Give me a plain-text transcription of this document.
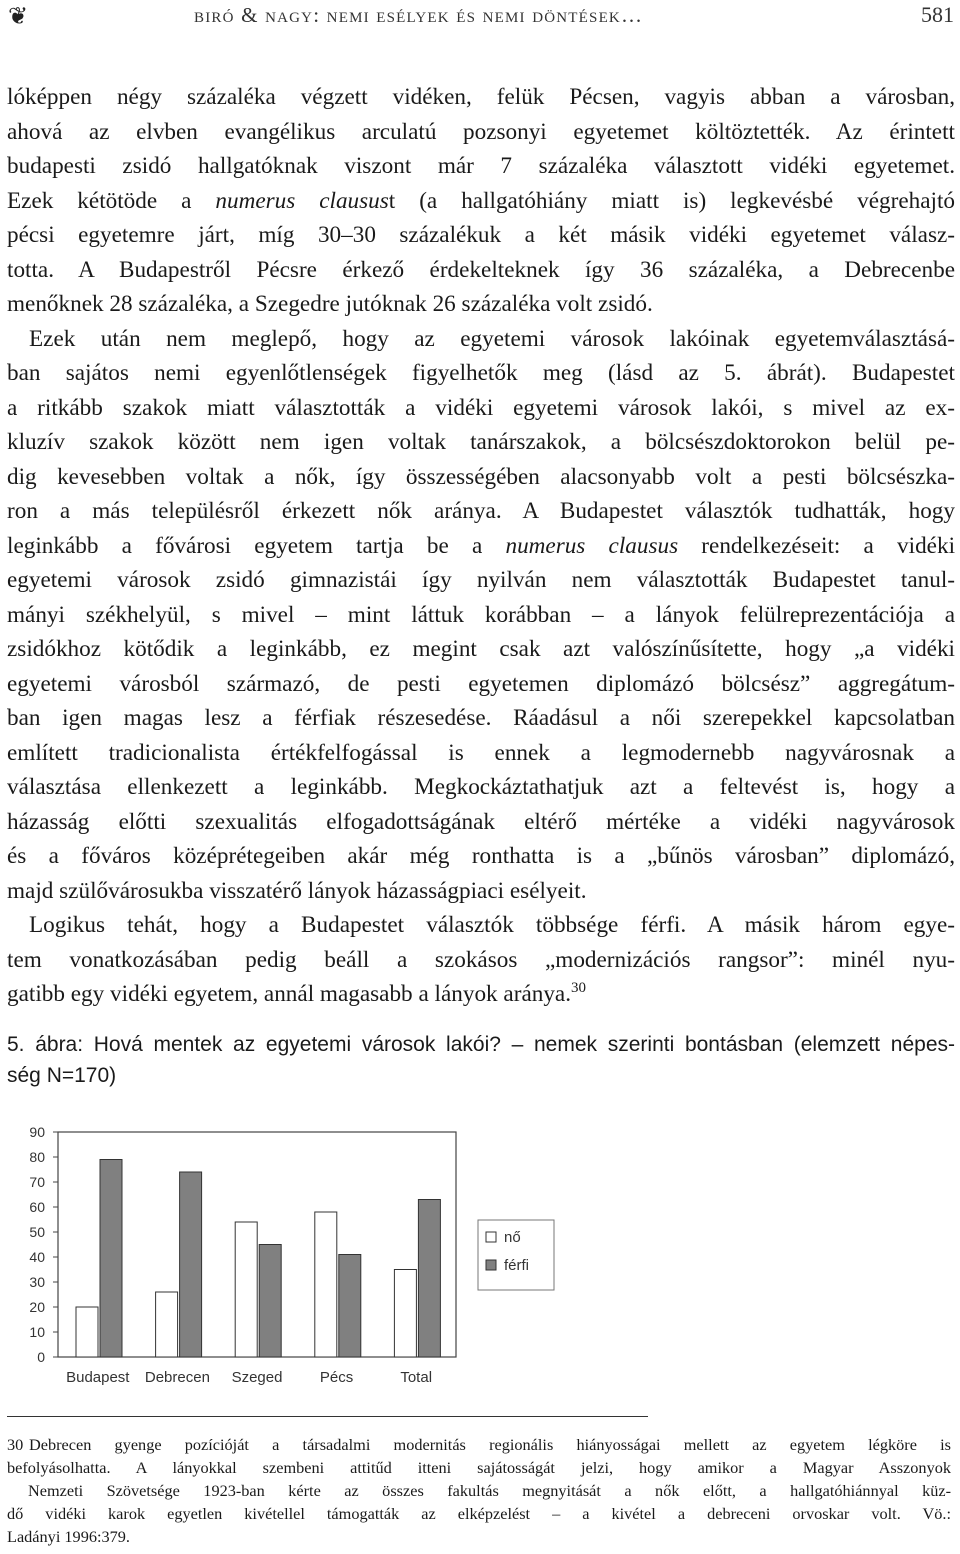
❦	biró & nagy: nemi esélyek és nemi döntések…	581
lóképpen négy százaléka végzett vidéken, felük Pécsen, vagyis abban a városban,
ahová az elvben evangélikus arculatú pozsonyi egyetemet költöztették. Az érintett
budapesti zsidó hallgatóknak viszont már 7 százaléka választott vidéki egyetemet.
Ezek kétötöde a numerus clausust (a hallgatóhiány miatt is) legkevésbé végrehajtó
pécsi egyetemre járt, míg 30–30 százalékuk a két másik vidéki egyetemet válasz-
totta. A Budapestről Pécsre érkező érdekelteknek így 36 százaléka, a Debrecenbe
menőknek 28 százaléka, a Szegedre jutóknak 26 százaléka volt zsidó.
Ezek után nem meglepő, hogy az egyetemi városok lakóinak egyetemválasztásá-
ban sajátos nemi egyenlőtlenségek figyelhetők meg (lásd az 5. ábrát). Budapestet
a ritkább szakok miatt választották a vidéki egyetemi városok lakói, s mivel az ex-
kluzív szakok között nem igen voltak tanárszakok, a bölcsészdoktorokon belül pe-
dig kevesebben voltak a nők, így összességében alacsonyabb volt a pesti bölcsészka-
ron a más településről érkezett nők aránya. A Budapestet választók tudhatták, hogy
leginkább a fővárosi egyetem tartja be a numerus clausus rendelkezéseit: a vidéki
egyetemi városok zsidó gimnazistái így nyilván nem választották Budapestet tanul-
mányi székhelyül, s mivel – mint láttuk korábban – a lányok felülreprezentációja a
zsidókhoz kötődik a leginkább, ez megint csak azt valószínűsítette, hogy „a vidéki
egyetemi városból származó, de pesti egyetemen diplomázó bölcsész” aggregátum-
ban igen magas lesz a férfiak részesedése. Ráadásul a női szerepekkel kapcsolatban
említett tradicionalista értékfelfogással is ennek a legmodernebb nagyvárosnak a
választása ellenkezett a leginkább. Megkockáztathatjuk azt a feltevést is, hogy a
házasság előtti szexualitás elfogadottságának eltérő mértéke a vidéki nagyvárosok
és a főváros középrétegeiben akár még ronthatta is a „bűnös városban” diplomázó,
majd szülővárosukba visszatérő lányok házasságpiaci esélyeit.
Logikus tehát, hogy a Budapestet választók többsége férfi. A másik három egye-
tem vonatkozásában pedig beáll a szokásos „modernizációs rangsor”: minél nyu-
gatibb egy vidéki egyetem, annál magasabb a lányok aránya.$^{30}$
5. ábra: Hová mentek az egyetemi városok lakói? – nemek szerinti bontásban (elemzett népes-
ség N=170)
0
10
20
30
40
50
60
70
80
90
Budapest Debrecen Szeged Pécs	Total
nő
férfi
30 Debrecen gyenge pozícióját a társadalmi modernitás regionális hiányosságai mellett az egyetem légköre is
befolyásolhatta. A lányokkal szembeni attitűd itteni sajátosságát jelzi, hogy amikor a Magyar Asszonyok
Nemzeti Szövetsége 1923-ban kérte az összes fakultás megnyitását a nők előtt, a hallgatóhiánnyal küz-
dő vidéki karok egyetlen kivétellel támogatták az elképzelést – a kivétel a debreceni orvoskar volt. Vö.:
Ladányi 1996:379.
